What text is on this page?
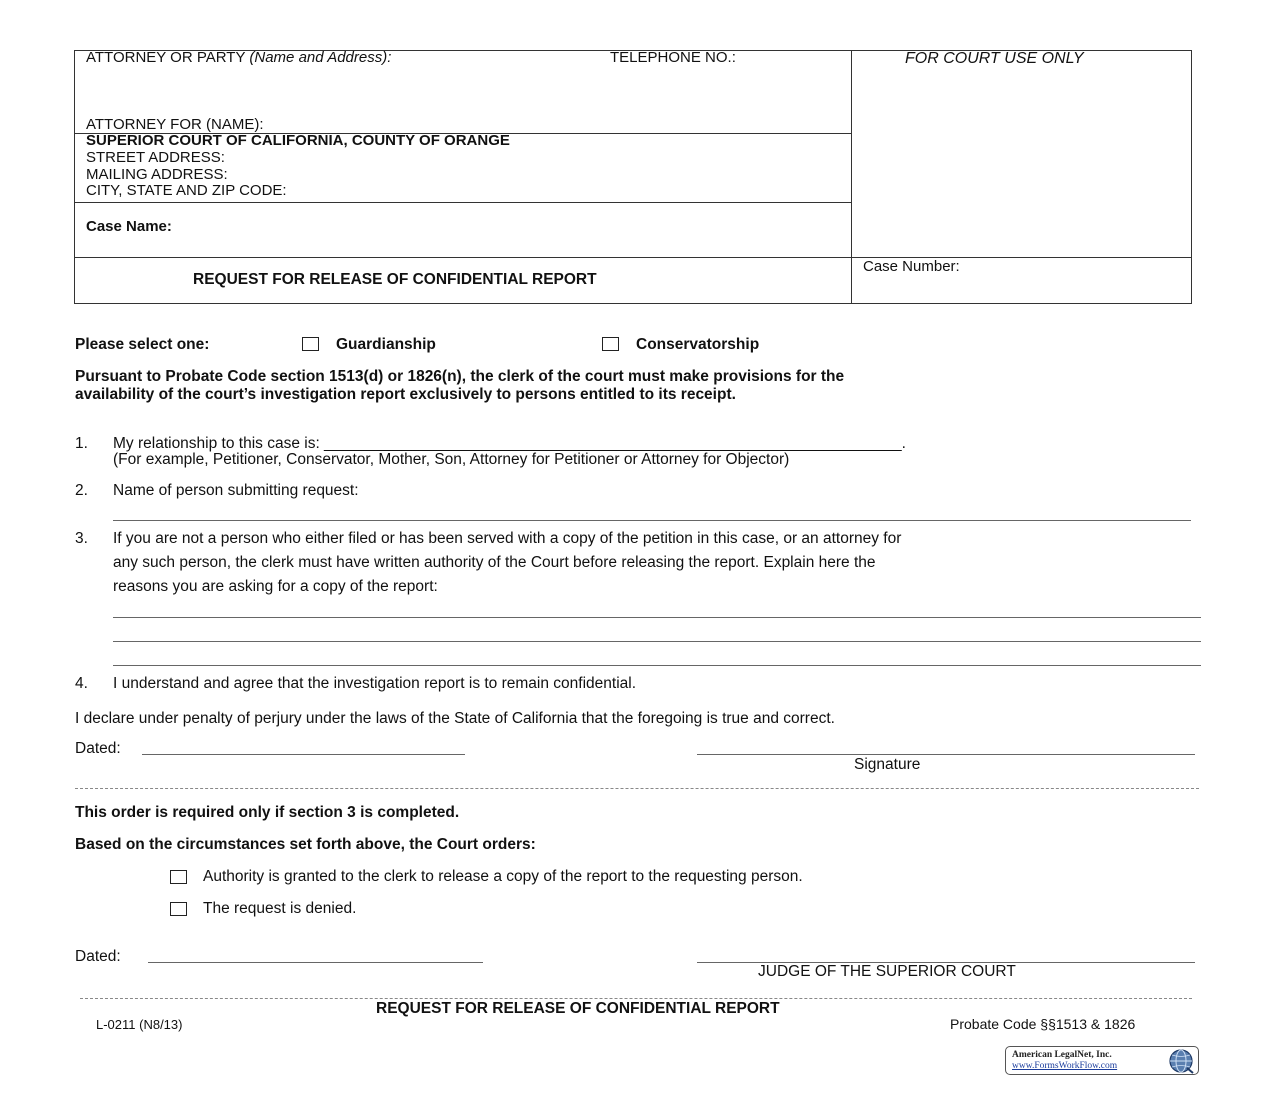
ATTORNEY OR PARTY (Name and Address):	TELEPHONE NO.:	FOR COURT USE ONLY
ATTORNEY FOR (NAME):
SUPERIOR COURT OF CALIFORNIA, COUNTY OF ORANGE
STREET ADDRESS:
MAILING ADDRESS:
CITY, STATE AND ZIP CODE:
Case Name:
REQUEST FOR RELEASE OF CONFIDENTIAL REPORT
Case Number:
Please select one:	Guardianship	Conservatorship
Pursuant to Probate Code section 1513(d) or 1826(n), the clerk of the court must make provisions for the
availability of the court’s investigation report exclusively to persons entitled to its receipt.
1. My relationship to this case is: ___________________________________________________________________.
(For example, Petitioner, Conservator, Mother, Son, Attorney for Petitioner or Attorney for Objector)
2. Name of person submitting request:
3. If you are not a person who either filed or has been served with a copy of the petition in this case, or an attorney for
any such person, the clerk must have written authority of the Court before releasing the report. Explain here the
reasons you are asking for a copy of the report:
4. I understand and agree that the investigation report is to remain confidential.
I declare under penalty of perjury under the laws of the State of California that the foregoing is true and correct.
Dated:
Signature
This order is required only if section 3 is completed.
Based on the circumstances set forth above, the Court orders:
Authority is granted to the clerk to release a copy of the report to the requesting person.
The request is denied.
Dated:
JUDGE OF THE SUPERIOR COURT
REQUEST FOR RELEASE OF CONFIDENTIAL REPORT
L-0211 (N8/13)	Probate Code §§1513 & 1826
American LegalNet, Inc.
www.FormsWorkFlow.com
